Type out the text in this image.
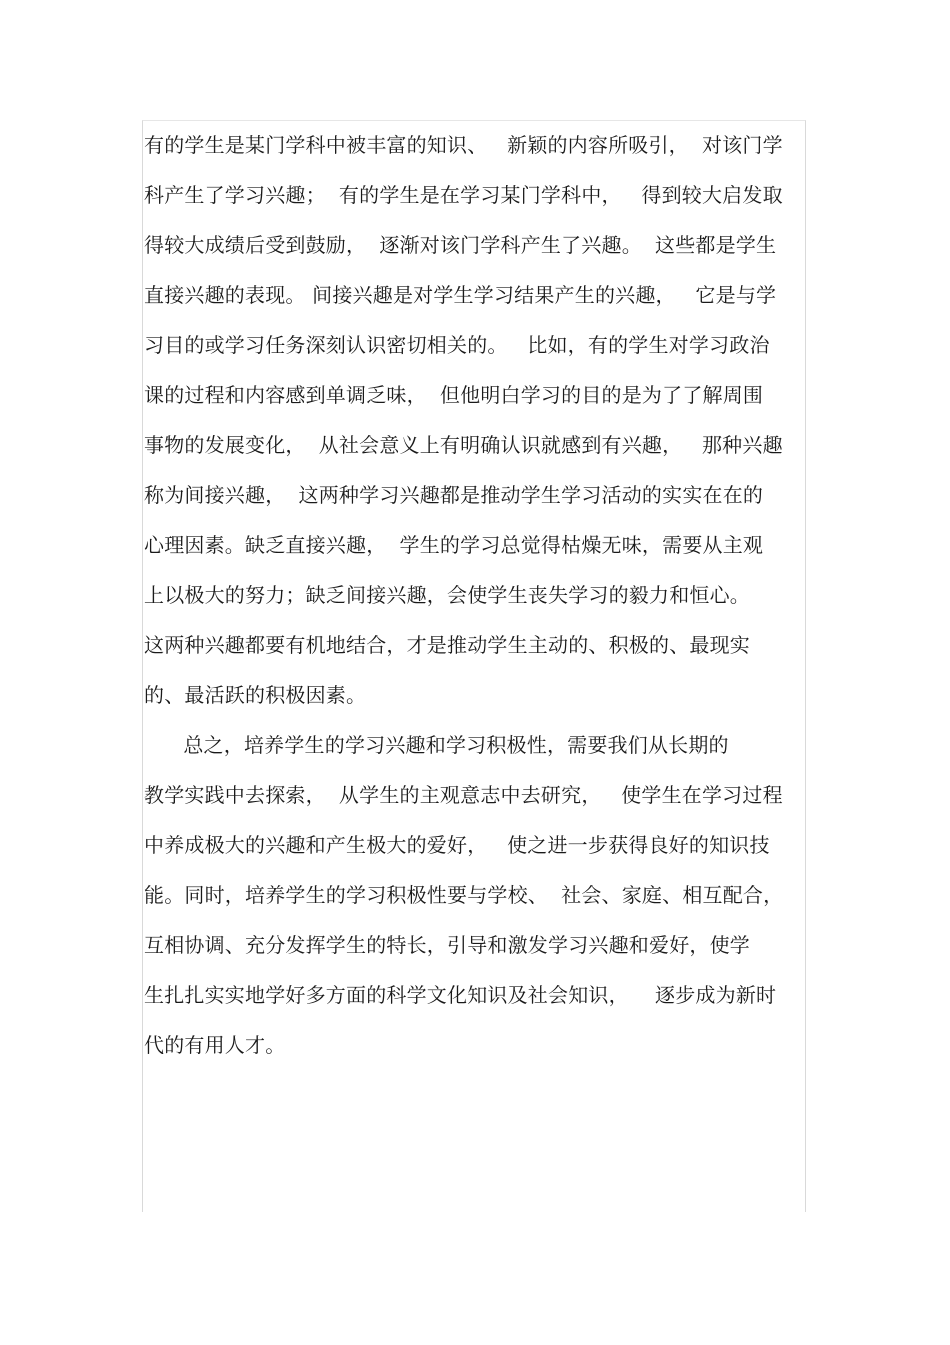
有的学生是某门学科中被丰富的知识、   新颖的内容所吸引，  对该门学
科产生了学习兴趣；  有的学生是在学习某门学科中，   得到较大启发取
得较大成绩后受到鼓励，  逐渐对该门学科产生了兴趣。  这些都是学生
直接兴趣的表现。 间接兴趣是对学生学习结果产生的兴趣，   它是与学
习目的或学习任务深刻认识密切相关的。   比如，有的学生对学习政治
课的过程和内容感到单调乏味，  但他明白学习的目的是为了了解周围
事物的发展变化，  从社会意义上有明确认识就感到有兴趣，   那种兴趣
称为间接兴趣，  这两种学习兴趣都是推动学生学习活动的实实在在的
心理因素。缺乏直接兴趣，  学生的学习总觉得枯燥无味，需要从主观
上以极大的努力；缺乏间接兴趣，会使学生丧失学习的毅力和恒心。
这两种兴趣都要有机地结合，才是推动学生主动的、积极的、最现实
的、最活跃的积极因素。
总之，培养学生的学习兴趣和学习积极性，需要我们从长期的
教学实践中去探索，  从学生的主观意志中去研究，   使学生在学习过程
中养成极大的兴趣和产生极大的爱好，   使之进一步获得良好的知识技
能。同时，培养学生的学习积极性要与学校、  社会、家庭、相互配合，
互相协调、充分发挥学生的特长，引导和激发学习兴趣和爱好，使学
生扎扎实实地学好多方面的科学文化知识及社会知识，    逐步成为新时
代的有用人才。
